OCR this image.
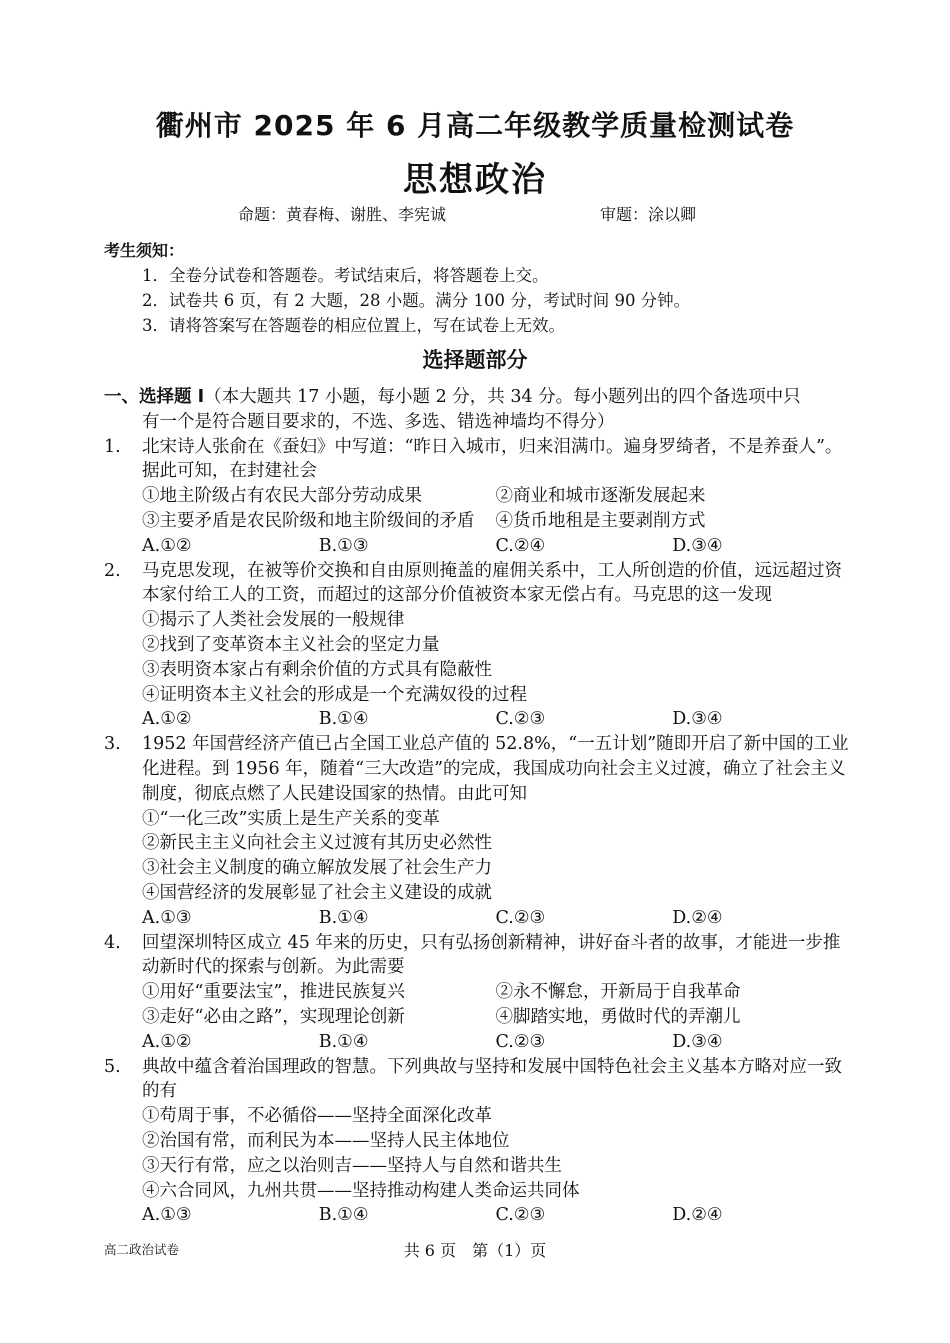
衢州市 2025 年 6 月高二年级教学质量检测试卷
思想政治
命题：黄春梅、谢胜、李宪诚	审题：涂以卿
考生须知：
1．全卷分试卷和答题卷。考试结束后，将答题卷上交。
2．试卷共 6 页，有 2 大题，28 小题。满分 100 分，考试时间 90 分钟。
3．请将答案写在答题卷的相应位置上，写在试卷上无效。
选择题部分
一、选择题 I（本大题共 17 小题，每小题 2 分，共 34 分。每小题列出的四个备选项中只
有一个是符合题目要求的，不选、多选、错选神墙均不得分）
1.	北宋诗人张俞在《蚕妇》中写道：“昨日入城市，归来泪满巾。遍身罗绮者，不是养蚕人”。据此可知，在封建社会
①地主阶级占有农民大部分劳动成果	②商业和城市逐渐发展起来
③主要矛盾是农民阶级和地主阶级间的矛盾	④货币地租是主要剥削方式
A.①②	B.①③	C.②④	D.③④
2.	马克思发现，在被等价交换和自由原则掩盖的雇佣关系中，工人所创造的价值，远远超过资本家付给工人的工资，而超过的这部分价值被资本家无偿占有。马克思的这一发现
①揭示了人类社会发展的一般规律
②找到了变革资本主义社会的坚定力量
③表明资本家占有剩余价值的方式具有隐蔽性
④证明资本主义社会的形成是一个充满奴役的过程
A.①②	B.①④	C.②③	D.③④
3.	1952 年国营经济产值已占全国工业总产值的 52.8%，“一五计划”随即开启了新中国的工业化进程。到 1956 年，随着“三大改造”的完成，我国成功向社会主义过渡，确立了社会主义制度，彻底点燃了人民建设国家的热情。由此可知
①“一化三改”实质上是生产关系的变革
②新民主主义向社会主义过渡有其历史必然性
③社会主义制度的确立解放发展了社会生产力
④国营经济的发展彰显了社会主义建设的成就
A.①③	B.①④	C.②③	D.②④
4.	回望深圳特区成立 45 年来的历史，只有弘扬创新精神，讲好奋斗者的故事，才能进一步推动新时代的探索与创新。为此需要
①用好“重要法宝”，推进民族复兴	②永不懈怠，开新局于自我革命
③走好“必由之路”，实现理论创新	④脚踏实地，勇做时代的弄潮儿
A.①②	B.①④	C.②③	D.③④
5.	典故中蕴含着治国理政的智慧。下列典故与坚持和发展中国特色社会主义基本方略对应一致的有
①苟周于事，不必循俗——坚持全面深化改革
②治国有常，而利民为本——坚持人民主体地位
③天行有常，应之以治则吉——坚持人与自然和谐共生
④六合同风，九州共贯——坚持推动构建人类命运共同体
A.①③	B.①④	C.②③	D.②④
高二政治试卷	共 6 页　第（1）页
